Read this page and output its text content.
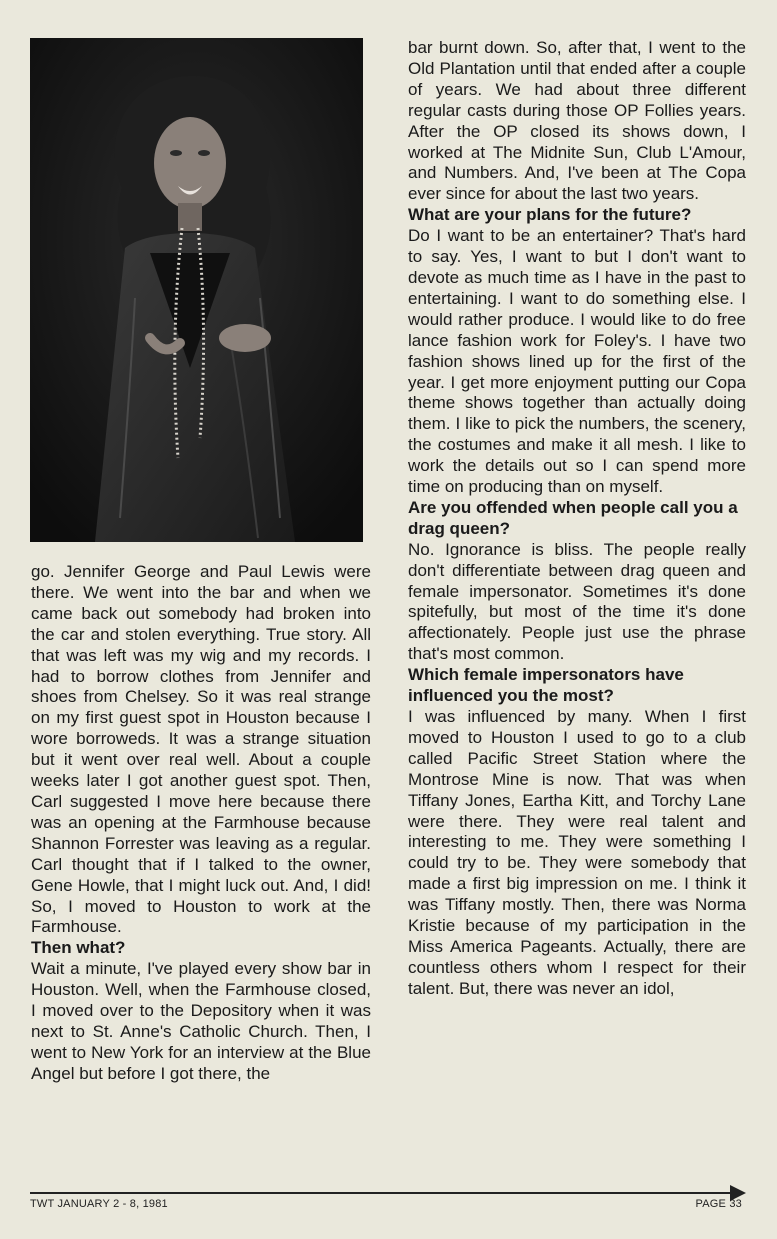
go. Jennifer George and Paul Lewis were there. We went into the bar and when we came back out somebody had broken into the car and stolen everything. True story. All that was left was my wig and my records. I had to borrow clothes from Jennifer and shoes from Chelsey. So it was real strange on my first guest spot in Houston because I wore borroweds. It was a strange situation but it went over real well. About a couple weeks later I got another guest spot. Then, Carl suggested I move here because there was an opening at the Farmhouse because Shannon Forrester was leaving as a regular. Carl thought that if I talked to the owner, Gene Howle, that I might luck out. And, I did! So, I moved to Houston to work at the Farmhouse.

Then what?

Wait a minute, I've played every show bar in Houston. Well, when the Farmhouse closed, I moved over to the Depository when it was next to St. Anne's Catholic Church. Then, I went to New York for an interview at the Blue Angel but before I got there, the

bar burnt down. So, after that, I went to the Old Plantation until that ended after a couple of years. We had about three different regular casts during those OP Follies years. After the OP closed its shows down, I worked at The Midnite Sun, Club L'Amour, and Numbers. And, I've been at The Copa ever since for about the last two years.

What are your plans for the future?

Do I want to be an entertainer? That's hard to say. Yes, I want to but I don't want to devote as much time as I have in the past to entertaining. I want to do something else. I would rather produce. I would like to do free lance fashion work for Foley's. I have two fashion shows lined up for the first of the year. I get more enjoyment putting our Copa theme shows together than actually doing them. I like to pick the numbers, the scenery, the costumes and make it all mesh. I like to work the details out so I can spend more time on producing than on myself.

Are you offended when people call you a drag queen?

No. Ignorance is bliss. The people really don't differentiate between drag queen and female impersonator. Sometimes it's done spitefully, but most of the time it's done affectionately. People just use the phrase that's most common.

Which female impersonators have influenced you the most?

I was influenced by many. When I first moved to Houston I used to go to a club called Pacific Street Station where the Montrose Mine is now. That was when Tiffany Jones, Eartha Kitt, and Torchy Lane were there. They were real talent and interesting to me. They were something I could try to be. They were somebody that made a first big impression on me. I think it was Tiffany mostly. Then, there was Norma Kristie because of my participation in the Miss America Pageants. Actually, there are countless others whom I respect for their talent. But, there was never an idol,

TWT JANUARY 2 - 8, 1981	PAGE 33
